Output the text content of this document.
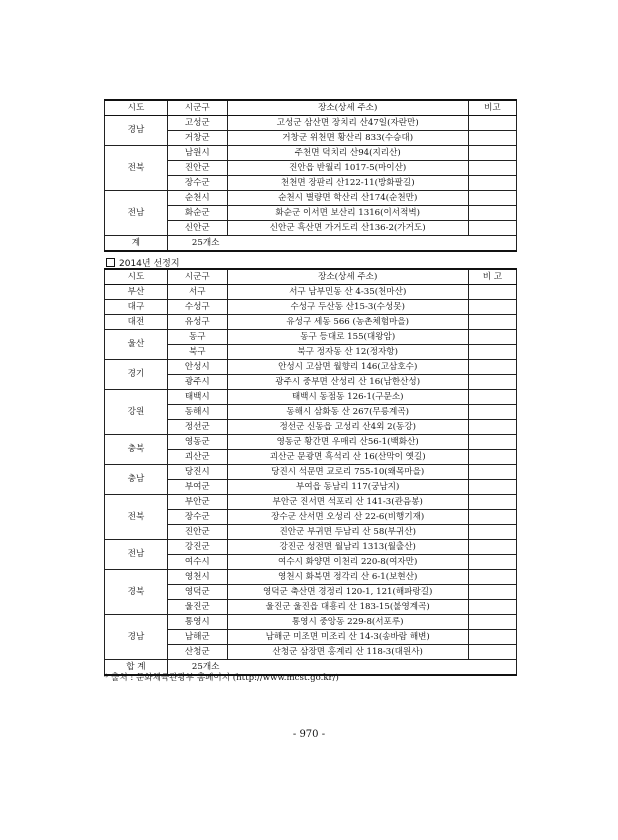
시도	시군구	장소(상세 주소)	비고
경남	고성군	고성군 삼산면 장치리 산47일(자란만)	
	거창군	거창군 위천면 황산리 833(수승대)	
전북	남원시	주천면 덕치리 산94(지리산)	
	진안군	진안읍 반월리 1017-5(마이산)	
	장수군	천천면 장판리 산122-11(방화팔길)	
전남	순천시	순천시 별량면 학산리 산174(순천만)	
	화순군	화순군 이서면 보산리 1316(이서적벽)	
	신안군	신안군 흑산면 가거도리 산136-2(가거도)	
계	25개소		
2014년 선정지
시도	시군구	장소(상세 주소)	비 고
부산	서구	서구 남부민동 산 4-35(천마산)	
대구	수성구	수성구 두산동 산15-3(수성못)	
대전	유성구	유성구 세동 566 (농촌체험마을)	
울산	동구	동구 등대로 155(대왕암)	
	북구	북구 정자동 산 12(정자항)	
경기	안성시	안성시 고삼면 월향리 146(고삼호수)	
	광주시	광주시 중부면 산성리 산 16(남한산성)	
강원	태백시	태백시 동점동 126-1(구문소)	
	동해시	동해시 삼화동 산 267(무릉계곡)	
	정선군	정선군 신동읍 고성리 산4외 2(동강)	
충북	영동군	영동군 황간면 우매리 산56-1(백화산)	
	괴산군	괴산군 문광면 흑석리 산 16(산막이 옛길)	
충남	당진시	당진시 석문면 교로리 755-10(왜목마을)	
	부여군	부여읍 동남리 117(궁남지)	
전북	부안군	부안군 진서면 석포리 산 141-3(관음봉)	
	장수군	장수군 산서면 오성리 산 22-6(비행기재)	
	진안군	진안군 부귀면 두남리 산 58(부귀산)	
전남	강진군	강진군 성전면 월남리 1313(월출산)	
	여수시	여수시 화양면 이천리 220-8(여자만)	
경북	영천시	영천시 화북면 정각리 산 6-1(보현산)	
	영덕군	영덕군 축산면 경정리 120-1, 121(해파랑길)	
	울진군	울진군 울진읍 대흥리 산 183-15(불영계곡)	
경남	통영시	통영시 중앙동 229-8(서포루)	
	남해군	남해군 미조면 미조리 산 14-3(송바람 해변)	
	산청군	산청군 삼장면 홍계리 산 118-3(대원사)	
합 계	25개소		
* 출처 : 문화체육관광부 홈페이지 (http://www.mcst.go.kr/)
- 970 -
